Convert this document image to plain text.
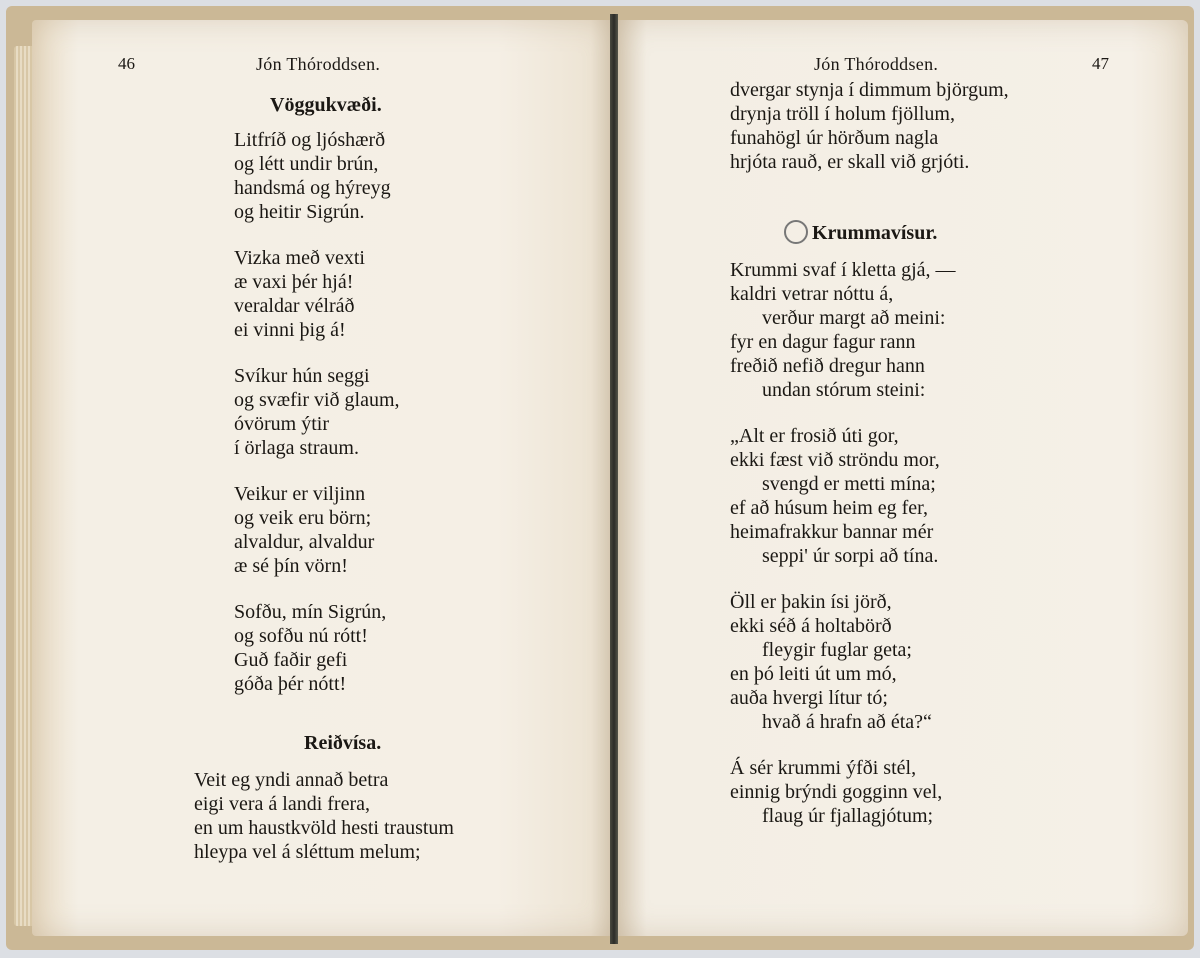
46	Jón Thóroddsen.
Vöggukvæði.
Litfríð og ljóshærð
og létt undir brún,
handsmá og hýreyg
og heitir Sigrún.
Vizka með vexti
æ vaxi þér hjá!
veraldar vélráð
ei vinni þig á!
Svíkur hún seggi
og svæfir við glaum,
óvörum ýtir
í örlaga straum.
Veikur er viljinn
og veik eru börn;
alvaldur, alvaldur
æ sé þín vörn!
Sofðu, mín Sigrún,
og sofðu nú rótt!
Guð faðir gefi
góða þér nótt!
Reiðvísa.
Veit eg yndi annað betra
eigi vera á landi frera,
en um haustkvöld hesti traustum
hleypa vel á sléttum melum;
Jón Thóroddsen.	47
dvergar stynja í dimmum björgum,
drynja tröll í holum fjöllum,
funahögl úr hörðum nagla
hrjóta rauð, er skall við grjóti.
Krummavísur.
Krummi svaf í kletta gjá, —
kaldri vetrar nóttu á,
verður margt að meini:
fyr en dagur fagur rann
freðið nefið dregur hann
undan stórum steini:
„Alt er frosið úti gor,
ekki fæst við ströndu mor,
svengd er metti mína;
ef að húsum heim eg fer,
heimafrakkur bannar mér
seppi' úr sorpi að tína.
Öll er þakin ísi jörð,
ekki séð á holtabörð
fleygir fuglar geta;
en þó leiti út um mó,
auða hvergi lítur tó;
hvað á hrafn að éta?“
Á sér krummi ýfði stél,
einnig brýndi gogginn vel,
flaug úr fjallagjótum;
